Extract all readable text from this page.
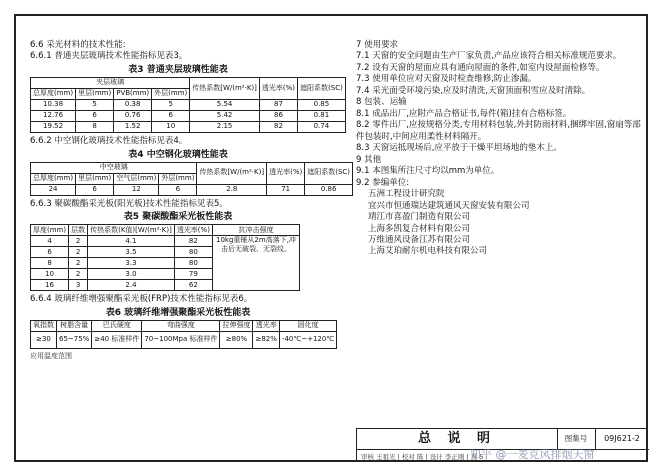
6.6 采光材料的技术性能:
6.6.1 普通夹层玻璃技术性能指标见表3。
表3 普通夹层玻璃性能表
夹层玻璃				传热系数[W/(m²·K)]	透光率(%)	遮阳系数(SC)
总厚度(mm)	里层(mm)	PVB(mm)	外层(mm)			
10.38	5	0.38	5	5.54	87	0.85
12.76	6	0.76	6	5.42	86	0.81
19.52	8	1.52	10	2.15	82	0.74
6.6.2 中空钢化玻璃技术性能指标见表4。
表4 中空钢化玻璃性能表
中空玻璃				传热系数[W/(m²·K)]	透光率(%)	遮阳系数(SC)
总厚度(mm)	里层(mm)	空气层(mm)	外层(mm)			
24	6	12	6	2.8	71	0.86
6.6.3 聚碳酸酯采光板(阳光板)技术性能指标见表5。
表5 聚碳酸酯采光板性能表
厚度(mm)	层数	传热系数(K值)[W/(m²·K)]	透光率(%)	抗冲击强度
4	2	4.1	82	10kg重锤从2m高落下,冲击后无破裂、无裂纹。
6	2	3.5	80	
8	2	3.3	80	
10	2	3.0	79	
16	3	2.4	62	
6.6.4 玻璃纤维增强聚酯采光板(FRP)技术性能指标见表6。
表6 玻璃纤维增强聚酯采光板性能表
氧指数	树脂含量	巴氏硬度	弯曲强度	拉伸强度	透光率	固化度
≥30	65~75%	≥40 标准样件	70~100Mpa 标准样件	≥80%	≥82%	-40℃~+120℃
应用温度范围
7 使用要求
7.1 天窗的安全问题由生产厂家负责,产品应该符合相关标准规范要求。
7.2 设有天窗的屋面应具有通向屋面的条件,如室内设屋面检修等。
7.3 使用单位应对天窗及时检查维修,防止渗漏。
7.4 采光面受环境污染,应及时清洗,天窗顶面积雪应及时清除。
8 包装、运输
8.1 成品出厂,应附产品合格证书,每件(箱)挂有合格标签。
8.2 零件出厂,应按规格分类,专用材料包装,外封防雨材料,捆绑牢固,窗扇等部件包装时,中间应用柔性材料隔开。
8.3 天窗运抵现场后,应平放于干燥平坦场地的垫木上。
9 其他
9.1 本图集所注尺寸均以mm为单位。
9.2 参编单位:
五洲工程设计研究院
宜兴市恒通瑞达建筑通风天窗安装有限公司
靖江市喜盈门制造有限公司
上海多凯复合材料有限公司
万维通风设备江苏有限公司
上海艾珀耐尔机电科技有限公司
总 说 明	图集号	09J621-2
审核 王祖光 | 校对 陈 | 设计 李正刚 | 页 5
知乎 @一麦克风排烟天窗
